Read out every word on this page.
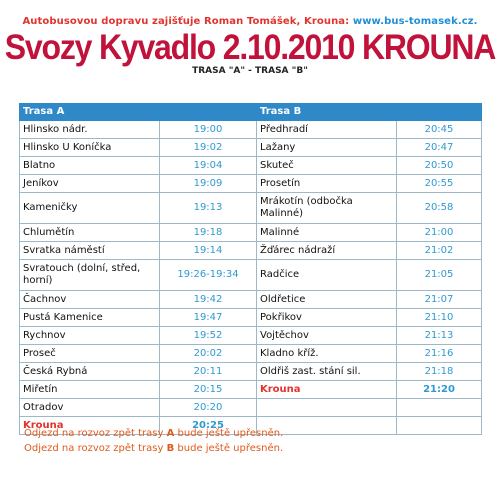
Autobusovou dopravu zajišťuje Roman Tomášek, Krouna: www.bus-tomasek.cz.
Svozy Kyvadlo 2.10.2010 KROUNA
TRASA "A" - TRASA "B"
Trasa A		Trasa B	
Hlinsko nádr.	19:00	Předhradí	20:45
Hlinsko U Koníčka	19:02	Lažany	20:47
Blatno	19:04	Skuteč	20:50
Jeníkov	19:09	Prosetín	20:55
Kameničky	19:13	Mrákotín (odbočka Malinné)	20:58
Chlumětín	19:18	Malinné	21:00
Svratka náměstí	19:14	Žďárec nádraží	21:02
Svratouch (dolní, střed, horní)	19:26-19:34	Radčice	21:05
Čachnov	19:42	Oldřetice	21:07
Pustá Kamenice	19:47	Pokřikov	21:10
Rychnov	19:52	Vojtěchov	21:13
Proseč	20:02	Kladno kříž.	21:16
Česká Rybná	20:11	Oldřiš zast. stání sil.	21:18
Miřetín	20:15	Krouna	21:20
Otradov	20:20		
Krouna	20:25		
Odjezd na rozvoz zpět trasy A bude ještě upřesněn.
Odjezd na rozvoz zpět trasy B bude ještě upřesněn.
